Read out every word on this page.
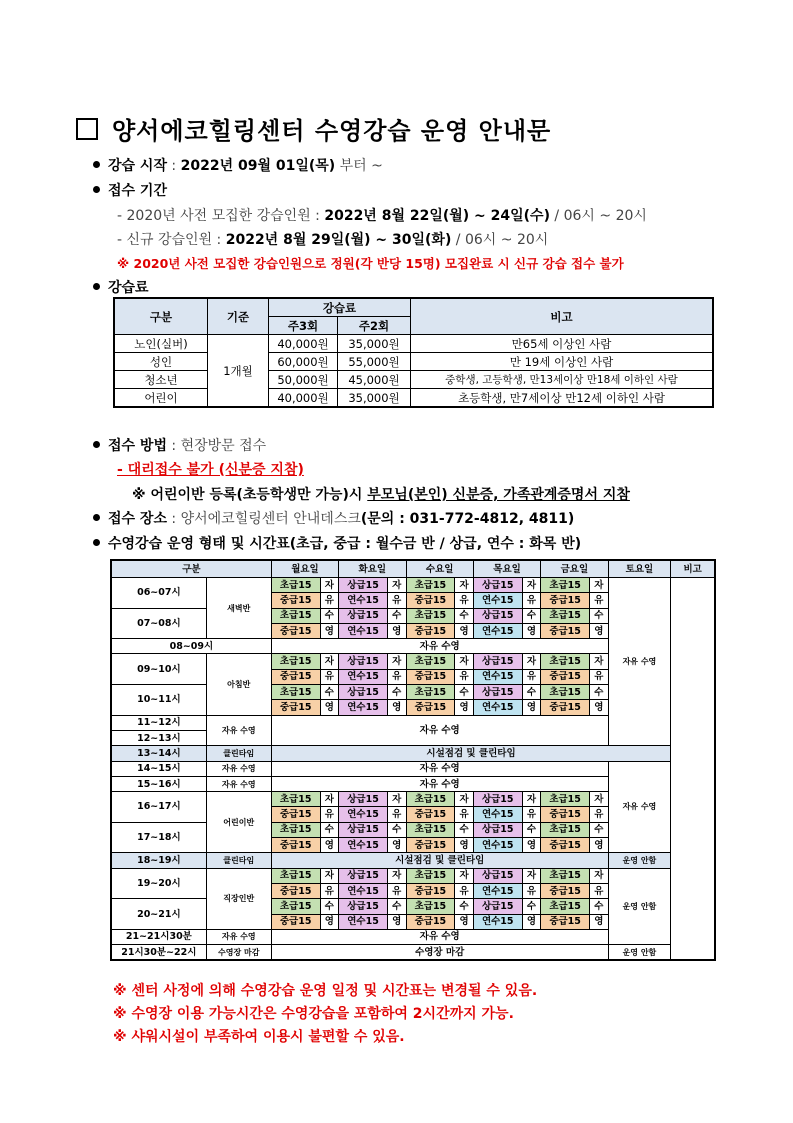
양서에코힐링센터 수영강습 운영 안내문
강습 시작 : 2022년 09월 01일(목) 부터 ~
접수 기간
- 2020년 사전 모집한 강습인원 : 2022년 8월 22일(월) ~ 24일(수) / 06시 ~ 20시
- 신규 강습인원 : 2022년 8월 29일(월) ~ 30일(화) / 06시 ~ 20시
※ 2020년 사전 모집한 강습인원으로 정원(각 반당 15명) 모집완료 시 신규 강습 접수 불가
강습료
구분	기준	강습료		비고
		주3회	주2회	
노인(실버)	1개월	40,000원	35,000원	만65세 이상인 사람
성인		60,000원	55,000원	만 19세 이상인 사람
청소년		50,000원	45,000원	중학생, 고등학생, 만13세이상 만18세 이하인 사람
어린이		40,000원	35,000원	초등학생, 만7세이상 만12세 이하인 사람
접수 방법 : 현장방문 접수
- 대리접수 불가 (신분증 지참)
※ 어린이반 등록(초등학생만 가능)시 부모님(본인) 신분증, 가족관계증명서 지참
접수 장소 : 양서에코힐링센터 안내데스크(문의 : 031-772-4812, 4811)
수영강습 운영 형태 및 시간표(초급, 중급 : 월수금 반 / 상급, 연수 : 화목 반)
구분		월요일		화요일		수요일		목요일		금요일		토요일	비고
06~07시	새벽반	초급15	자	상급15	자	초급15	자	상급15	자	초급15	자	자유 수영	
		중급15	유	연수15	유	중급15	유	연수15	유	중급15	유		
07~08시		초급15	수	상급15	수	초급15	수	상급15	수	초급15	수		
		중급15	영	연수15	영	중급15	영	연수15	영	중급15	영		
08~09시		자유 수영											
09~10시	아침반	초급15	자	상급15	자	초급15	자	상급15	자	초급15	자		
		중급15	유	연수15	유	중급15	유	연수15	유	중급15	유		
10~11시		초급15	수	상급15	수	초급15	수	상급15	수	초급15	수		
		중급15	영	연수15	영	중급15	영	연수15	영	중급15	영		
11~12시	자유 수영	자유 수영											
12~13시													
13~14시	클린타임	시설점검 및 클린타임											
14~15시	자유 수영	자유 수영										자유 수영	
15~16시	자유 수영	자유 수영											
16~17시	어린이반	초급15	자	상급15	자	초급15	자	상급15	자	초급15	자		
		중급15	유	연수15	유	중급15	유	연수15	유	중급15	유		
17~18시		초급15	수	상급15	수	초급15	수	상급15	수	초급15	수		
		중급15	영	연수15	영	중급15	영	연수15	영	중급15	영		
18~19시	클린타임	시설점검 및 클린타임										운영 안함	
19~20시	직장인반	초급15	자	상급15	자	초급15	자	상급15	자	초급15	자	운영 안함	
		중급15	유	연수15	유	중급15	유	연수15	유	중급15	유		
20~21시		초급15	수	상급15	수	초급15	수	상급15	수	초급15	수		
		중급15	영	연수15	영	중급15	영	연수15	영	중급15	영		
21~21시30분	자유 수영	자유 수영											
21시30분~22시	수영장 마감	수영장 마감										운영 안함	
※ 센터 사정에 의해 수영강습 운영 일정 및 시간표는 변경될 수 있음.
※ 수영장 이용 가능시간은 수영강습을 포함하여 2시간까지 가능.
※ 샤워시설이 부족하여 이용시 불편할 수 있음.
